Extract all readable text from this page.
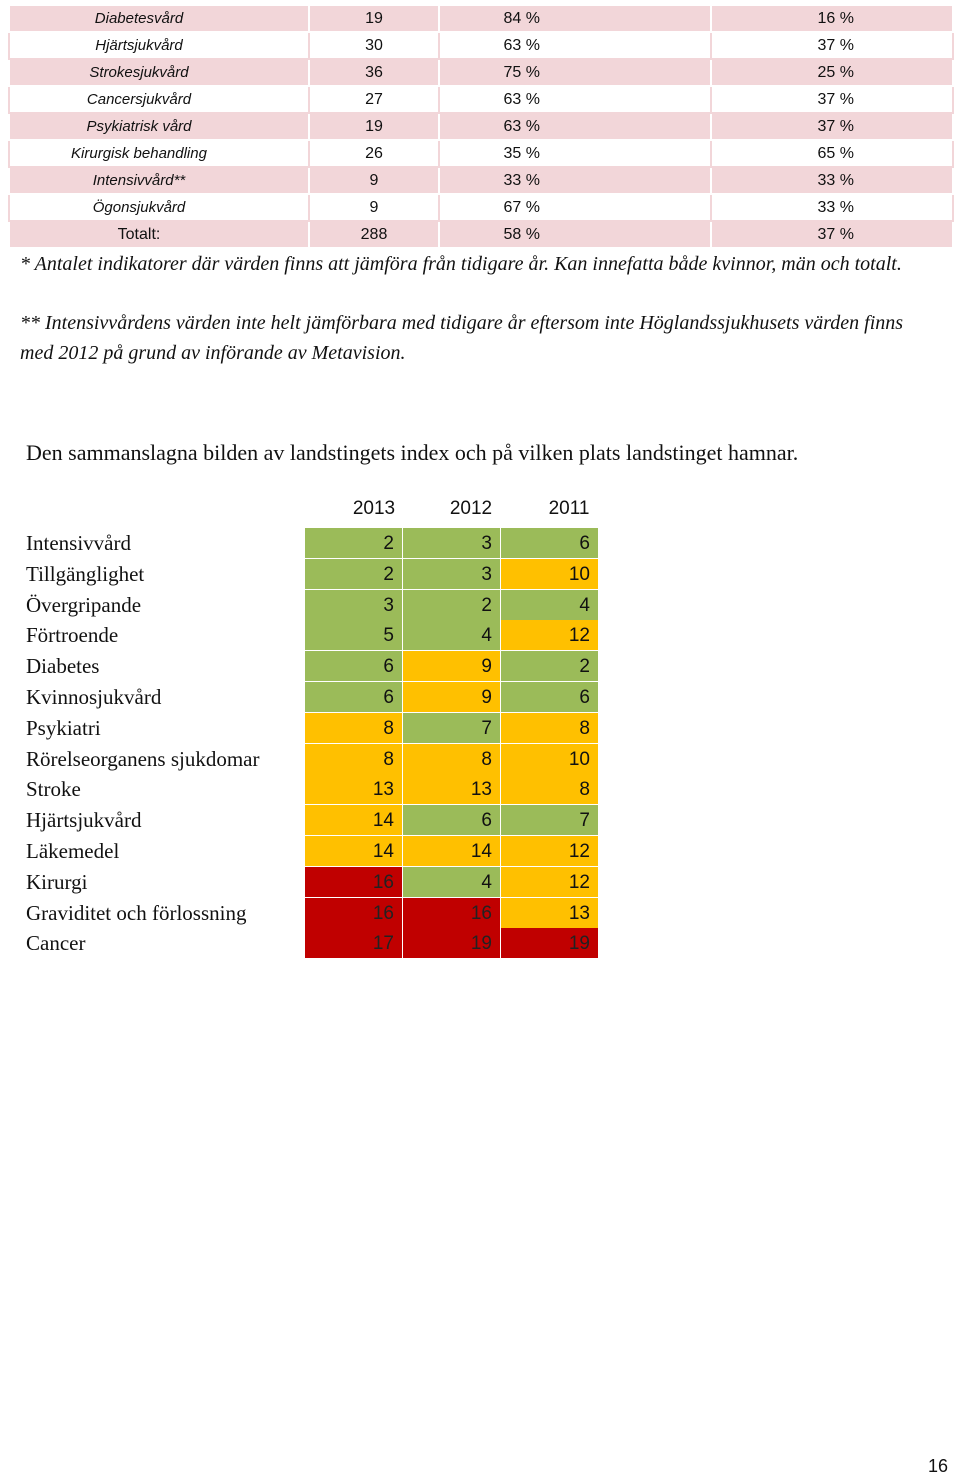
Diabetesvård	19	84 %	16 %
Hjärtsjukvård	30	63 %	37 %
Strokesjukvård	36	75 %	25 %
Cancersjukvård	27	63 %	37 %
Psykiatrisk vård	19	63 %	37 %
Kirurgisk behandling	26	35 %	65 %
Intensivvård**	9	33 %	33 %
Ögonsjukvård	9	67 %	33 %
Totalt:	288	58 %	37 %
* Antalet indikatorer där värden finns att jämföra från tidigare år. Kan innefatta både kvinnor, män och totalt.
** Intensivvårdens värden inte helt jämförbara med tidigare år eftersom inte Höglandssjukhusets värden finns med 2012 på grund av införande av Metavision.
Den sammanslagna bilden av landstingets index och på vilken plats landstinget hamnar.
2013	2012	2011
Intensivvård	2	3	6
Tillgänglighet	2	3	10
Övergripande	3	2	4
Förtroende	5	4	12
Diabetes	6	9	2
Kvinnosjukvård	6	9	6
Psykiatri	8	7	8
Rörelseorganens sjukdomar	8	8	10
Stroke	13	13	8
Hjärtsjukvård	14	6	7
Läkemedel	14	14	12
Kirurgi	16	4	12
Graviditet och förlossning	16	16	13
Cancer	17	19	19
16
